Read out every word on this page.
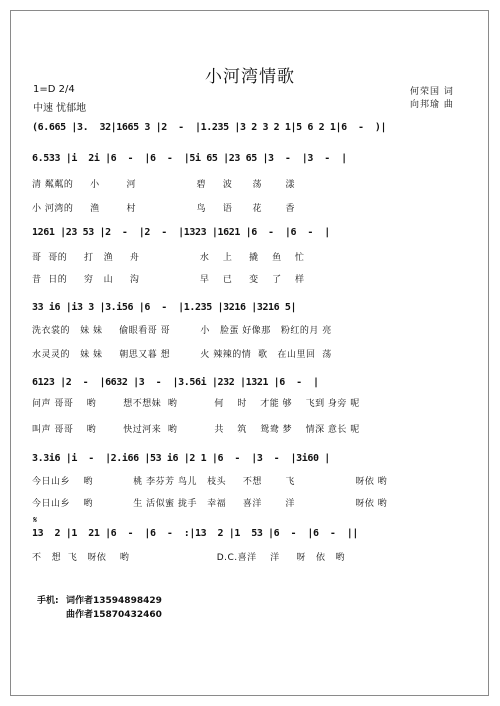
小河湾情歌
何荣国 词
向邦瑜 曲
1=D 2/4
中速 忧郁地
(6.665 |3.  32|1665 3 |2  -  |1.235 |3 2 3 2 1|5 6 2 1|6  -  )|
6.533 |i  2i |6  -  |6  -  |5i 65 |23 65 |3  -  |3  -  |
清 粼粼的     小        河                  碧     波      荡       漾
小 河湾的     渔        村                  鸟     语      花       香
1261 |23 53 |2  -  |2  -  |1323 |1621 |6  -  |6  -  |
哥  哥的     打   渔     舟                  水    上     撬    鱼    忙
昔  日的     穷   山     沟                  早    已     变    了    样
33 i6 |i3 3 |3.i56 |6  -  |1.235 |3216 |3216 5|
洗衣裳的   妹 妹     偷眼看哥 哥         小   脸蛋 好像那   粉红的月 亮
水灵灵的   妹 妹     朝思又暮 想         火 辣辣的情  歌   在山里回  荡
6123 |2  -  |6632 |3  -  |3.56i |232 |1321 |6  -  |
问声 哥哥    哟        想不想妹  哟           何    时    才能 够    飞到 身旁 呢
叫声 哥哥    哟        快过河来  哟           共    筑    鸳鸯 梦    情深 意长 呢
3.3i6 |i  -  |2.i66 |53 i6 |2 1 |6  -  |3  -  |3i60 |
今日山乡    哟            桃 李芬芳 鸟儿   枝头     不想       飞                  呀依 哟
今日山乡    哟            生 活似蜜 拢手   幸福     喜洋       洋                  呀依 哟
𝄋
13  2 |1  21 |6  -  |6  -  :|13  2 |1  53 |6  -  |6  -  ||
不   想  飞   呀依    哟                          D.C.喜洋    洋     呀   依   哟
手机: 词作者13594898429
曲作者15870432460
